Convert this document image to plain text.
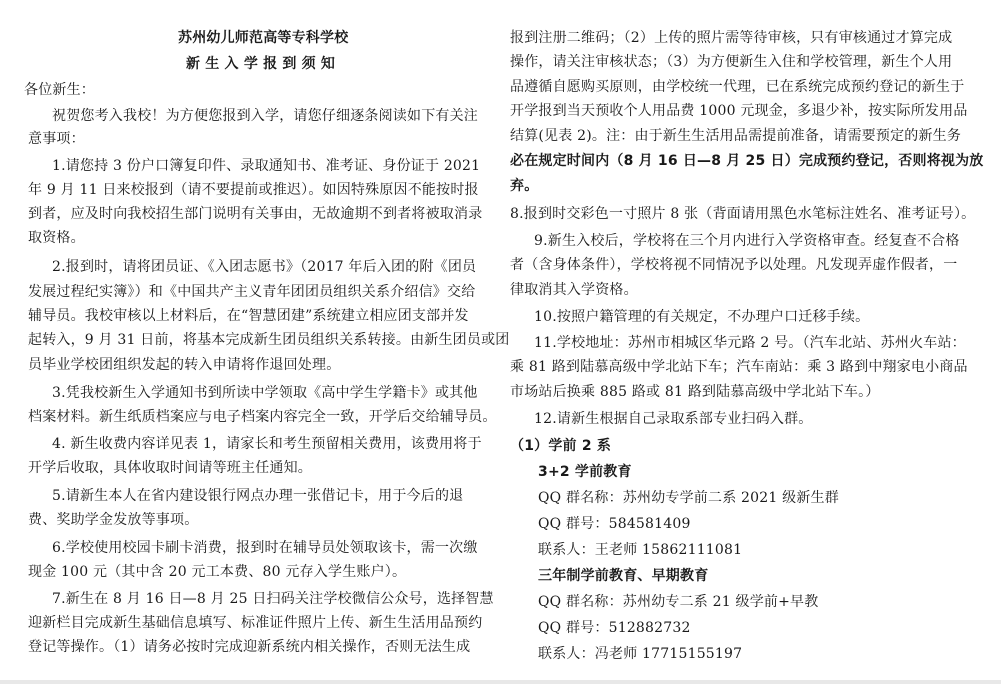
苏州幼儿师范高等专科学校
新 生 入 学 报 到 须 知
各位新生：
祝贺您考入我校！为方便您报到入学，请您仔细逐条阅读如下有关注
意事项：
1.请您持 3 份户口簿复印件、录取通知书、准考证、身份证于 2021
年 9 月 11 日来校报到（请不要提前或推迟）。如因特殊原因不能按时报
到者，应及时向我校招生部门说明有关事由，无故逾期不到者将被取消录
取资格。
2.报到时，请将团员证、《入团志愿书》（2017 年后入团的附《团员
发展过程纪实簿》）和《中国共产主义青年团团员组织关系介绍信》交给
辅导员。我校审核以上材料后，在“智慧团建”系统建立相应团支部并发
起转入，9 月 31 日前，将基本完成新生团员组织关系转接。由新生团员或团
员毕业学校团组织发起的转入申请将作退回处理。
3.凭我校新生入学通知书到所读中学领取《高中学生学籍卡》或其他
档案材料。新生纸质档案应与电子档案内容完全一致，开学后交给辅导员。
4. 新生收费内容详见表 1，请家长和考生预留相关费用，该费用将于
开学后收取，具体收取时间请等班主任通知。
5.请新生本人在省内建设银行网点办理一张借记卡，用于今后的退
费、奖助学金发放等事项。
6.学校使用校园卡刷卡消费，报到时在辅导员处领取该卡，需一次缴
现金 100 元（其中含 20 元工本费、80 元存入学生账户）。
7.新生在 8 月 16 日—8 月 25 日扫码关注学校微信公众号，选择智慧
迎新栏目完成新生基础信息填写、标准证件照片上传、新生生活用品预约
登记等操作。（1）请务必按时完成迎新系统内相关操作，否则无法生成
报到注册二维码；（2）上传的照片需等待审核，只有审核通过才算完成
操作，请关注审核状态；（3）为方便新生入住和学校管理，新生个人用
品遵循自愿购买原则，由学校统一代理，已在系统完成预约登记的新生于
开学报到当天预收个人用品费 1000 元现金，多退少补，按实际所发用品
结算(见表 2)。注：由于新生生活用品需提前准备，请需要预定的新生务
必在规定时间内（8 月 16 日—8 月 25 日）完成预约登记，否则将视为放
弃。
8.报到时交彩色一寸照片 8 张（背面请用黑色水笔标注姓名、准考证号）。
9.新生入校后，学校将在三个月内进行入学资格审查。经复查不合格
者（含身体条件），学校将视不同情况予以处理。凡发现弄虚作假者，一
律取消其入学资格。
10.按照户籍管理的有关规定，不办理户口迁移手续。
11.学校地址：苏州市相城区华元路 2 号。（汽车北站、苏州火车站：
乘 81 路到陆慕高级中学北站下车；汽车南站：乘 3 路到中翔家电小商品
市场站后换乘 885 路或 81 路到陆慕高级中学北站下车。）
12.请新生根据自己录取系部专业扫码入群。
（1）学前 2 系
3+2 学前教育
QQ 群名称：苏州幼专学前二系 2021 级新生群
QQ 群号：584581409
联系人：王老师 15862111081
三年制学前教育、早期教育
QQ 群名称：苏州幼专二系 21 级学前+早教
QQ 群号：512882732
联系人：冯老师 17715155197
